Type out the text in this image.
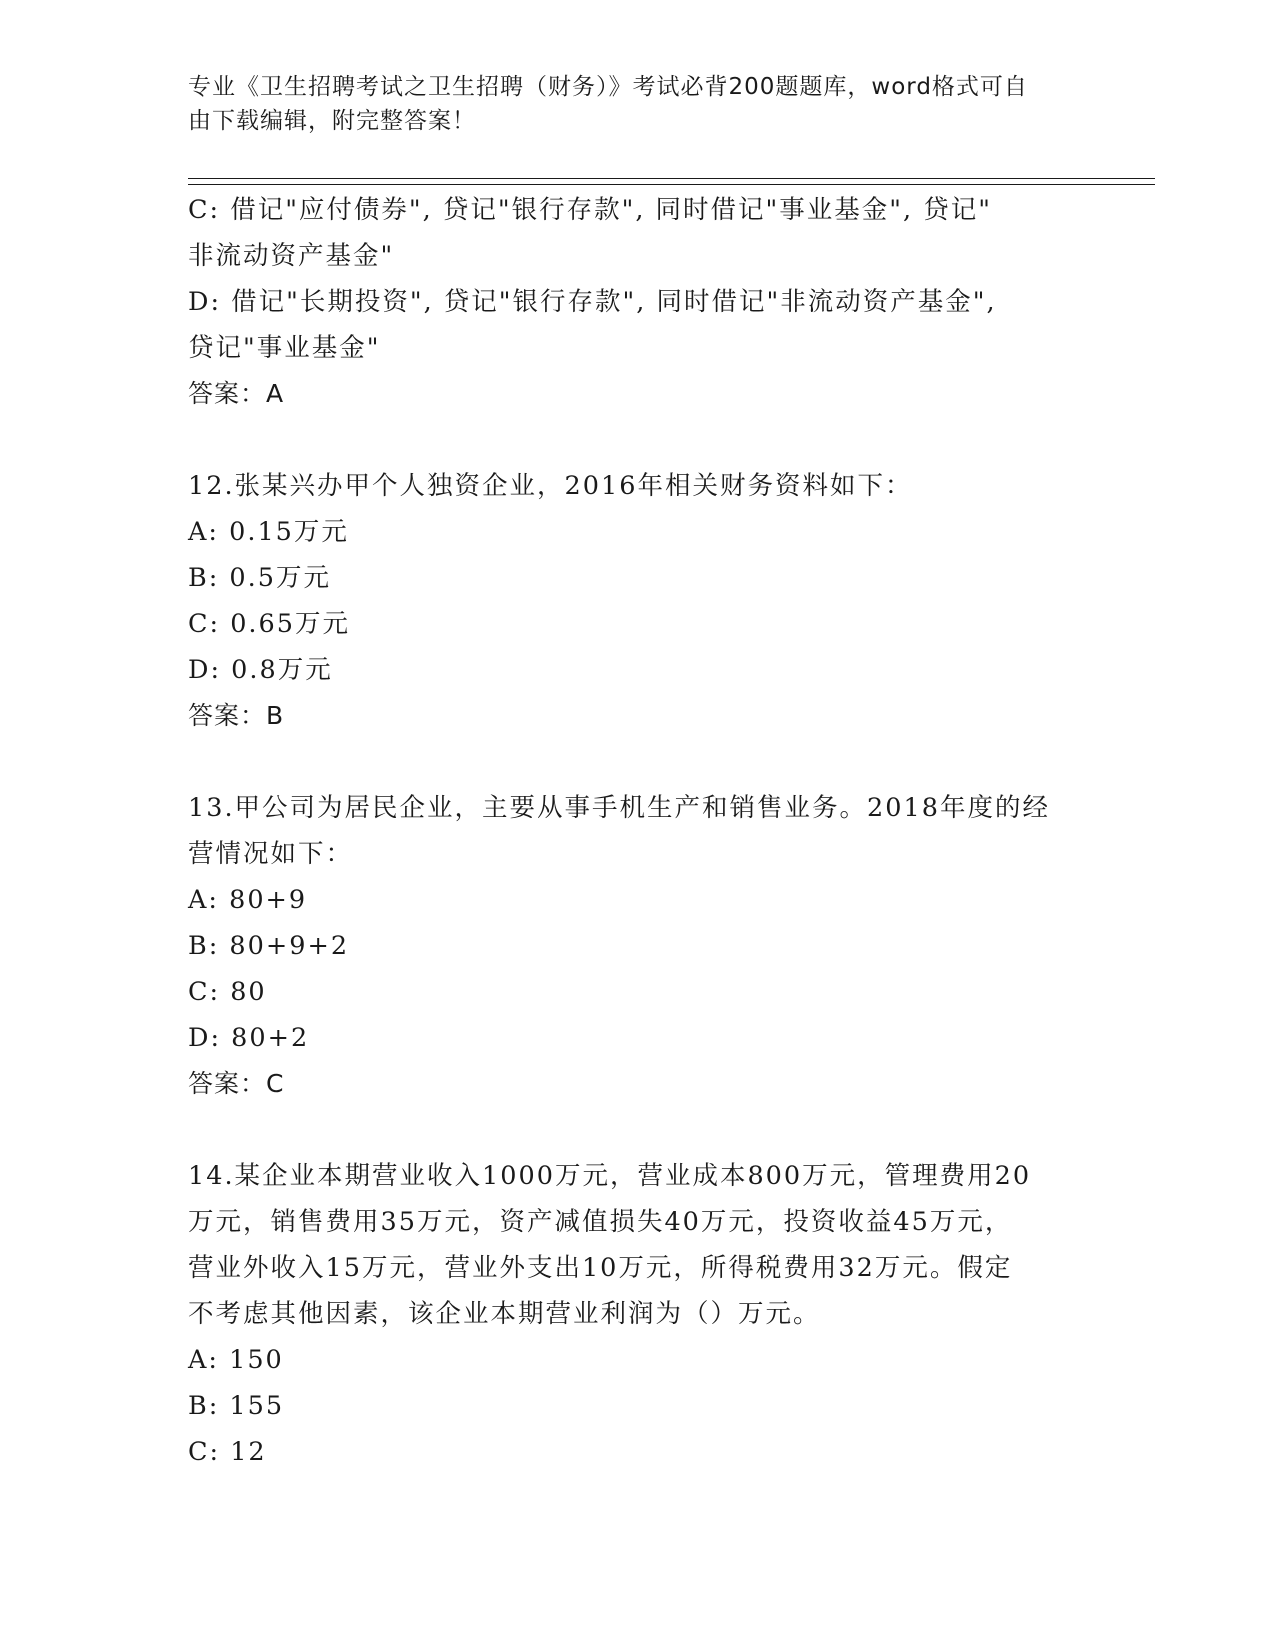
专业《卫生招聘考试之卫生招聘（财务）》考试必背200题题库，word格式可自
由下载编辑，附完整答案！
C: 借记"应付债券", 贷记"银行存款", 同时借记"事业基金", 贷记"
非流动资产基金"
D: 借记"长期投资", 贷记"银行存款", 同时借记"非流动资产基金",
贷记"事业基金"
答案：A
12.张某兴办甲个人独资企业，2016年相关财务资料如下：
A: 0.15万元
B: 0.5万元
C: 0.65万元
D: 0.8万元
答案：B
13.甲公司为居民企业，主要从事手机生产和销售业务。2018年度的经
营情况如下：
A: 80+9
B: 80+9+2
C: 80
D: 80+2
答案：C
14.某企业本期营业收入1000万元，营业成本800万元，管理费用20
万元，销售费用35万元，资产减值损失40万元，投资收益45万元，
营业外收入15万元，营业外支出10万元，所得税费用32万元。假定
不考虑其他因素，该企业本期营业利润为（）万元。
A: 150
B: 155
C: 12
